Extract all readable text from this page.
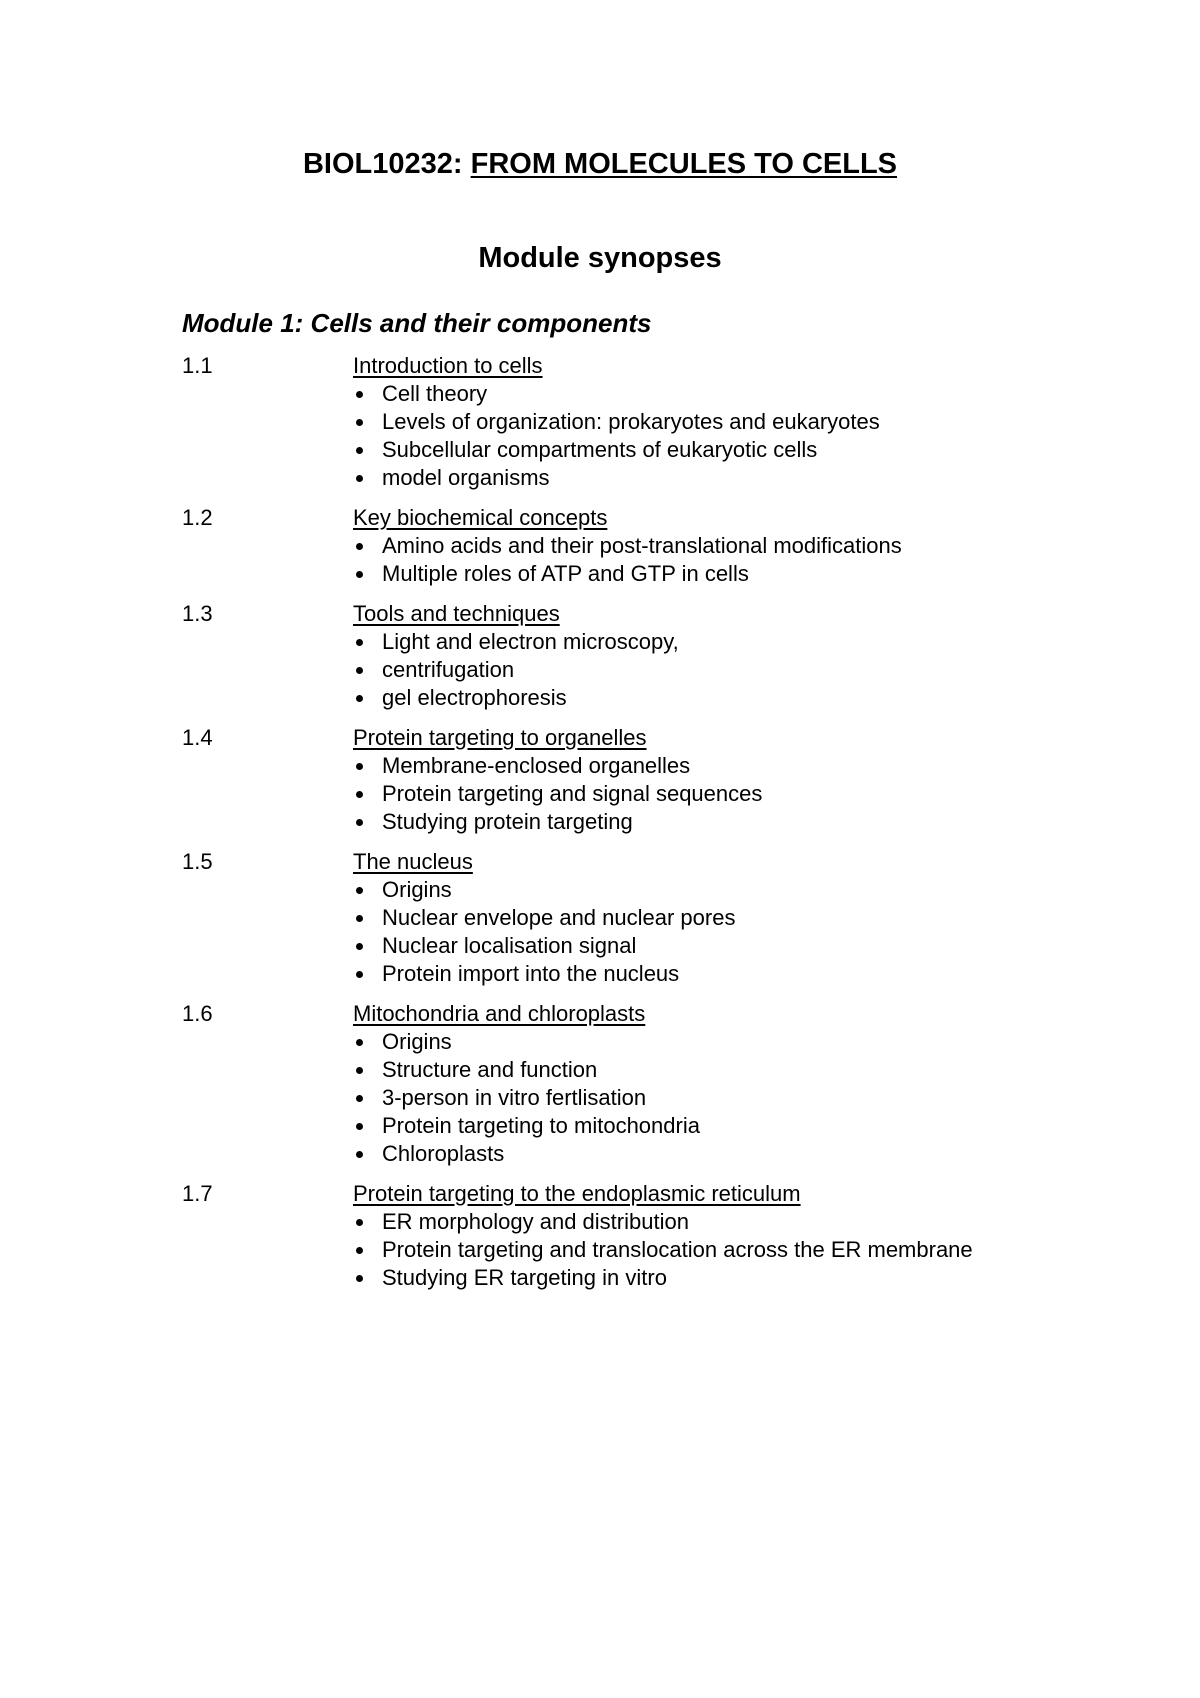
BIOL10232: FROM MOLECULES TO CELLS
Module synopses
Module 1: Cells and their components
1.1	Introduction to cells
Cell theory
Levels of organization: prokaryotes and eukaryotes
Subcellular compartments of eukaryotic cells
model organisms
1.2	Key biochemical concepts
Amino acids and their post-translational modifications
Multiple roles of ATP and GTP in cells
1.3	Tools and techniques
Light and electron microscopy,
centrifugation
gel electrophoresis
1.4	Protein targeting to organelles
Membrane-enclosed organelles
Protein targeting and signal sequences
Studying protein targeting
1.5	The nucleus
Origins
Nuclear envelope and nuclear pores
Nuclear localisation signal
Protein import into the nucleus
1.6	Mitochondria and chloroplasts
Origins
Structure and function
3-person in vitro fertlisation
Protein targeting to mitochondria
Chloroplasts
1.7	Protein targeting to the endoplasmic reticulum
ER morphology and distribution
Protein targeting and translocation across the ER membrane
Studying ER targeting in vitro
